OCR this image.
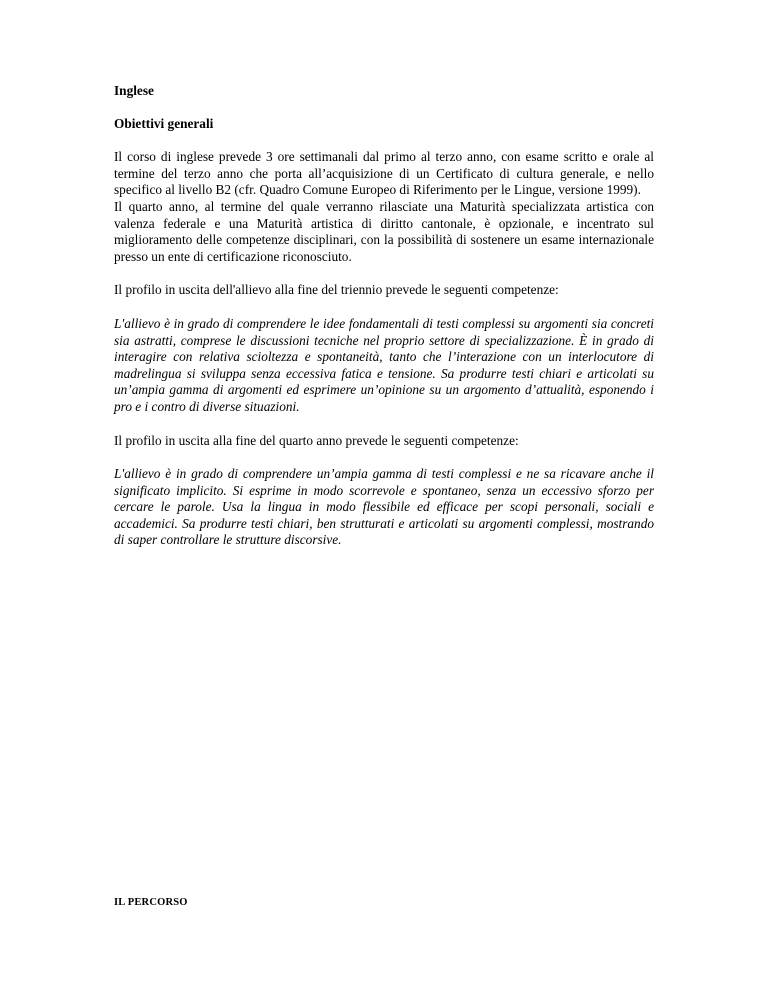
Inglese

Obiettivi generali

Il corso di inglese prevede 3 ore settimanali dal primo al terzo anno, con esame scritto e orale al termine del terzo anno che porta all’acquisizione di un Certificato di cultura generale, e nello specifico al livello B2 (cfr. Quadro Comune Europeo di Riferimento per le Lingue, versione 1999).
Il quarto anno, al termine del quale verranno rilasciate una Maturità specializzata artistica con valenza federale e una Maturità artistica di diritto cantonale, è opzionale, e incentrato sul miglioramento delle competenze disciplinari, con la possibilità di sostenere un esame internazionale presso un ente di certificazione riconosciuto.

Il profilo in uscita dell'allievo alla fine del triennio prevede le seguenti competenze:

L'allievo è in grado di comprendere le idee fondamentali di testi complessi su argomenti sia concreti sia astratti, comprese le discussioni tecniche nel proprio settore di specializzazione. È in grado di interagire con relativa scioltezza e spontaneità, tanto che l’interazione con un interlocutore di madrelingua si sviluppa senza eccessiva fatica e tensione. Sa produrre testi chiari e articolati su un’ampia gamma di argomenti ed esprimere un’opinione su un argomento d’attualità, esponendo i pro e i contro di diverse situazioni.

Il profilo in uscita alla fine del quarto anno prevede le seguenti competenze:

L'allievo è in grado di comprendere un’ampia gamma di testi complessi e ne sa ricavare anche il significato implicito. Si esprime in modo scorrevole e spontaneo, senza un eccessivo sforzo per cercare le parole. Usa la lingua in modo flessibile ed efficace per scopi personali, sociali e accademici. Sa produrre testi chiari, ben strutturati e articolati su argomenti complessi, mostrando di saper controllare le strutture discorsive.

IL PERCORSO
